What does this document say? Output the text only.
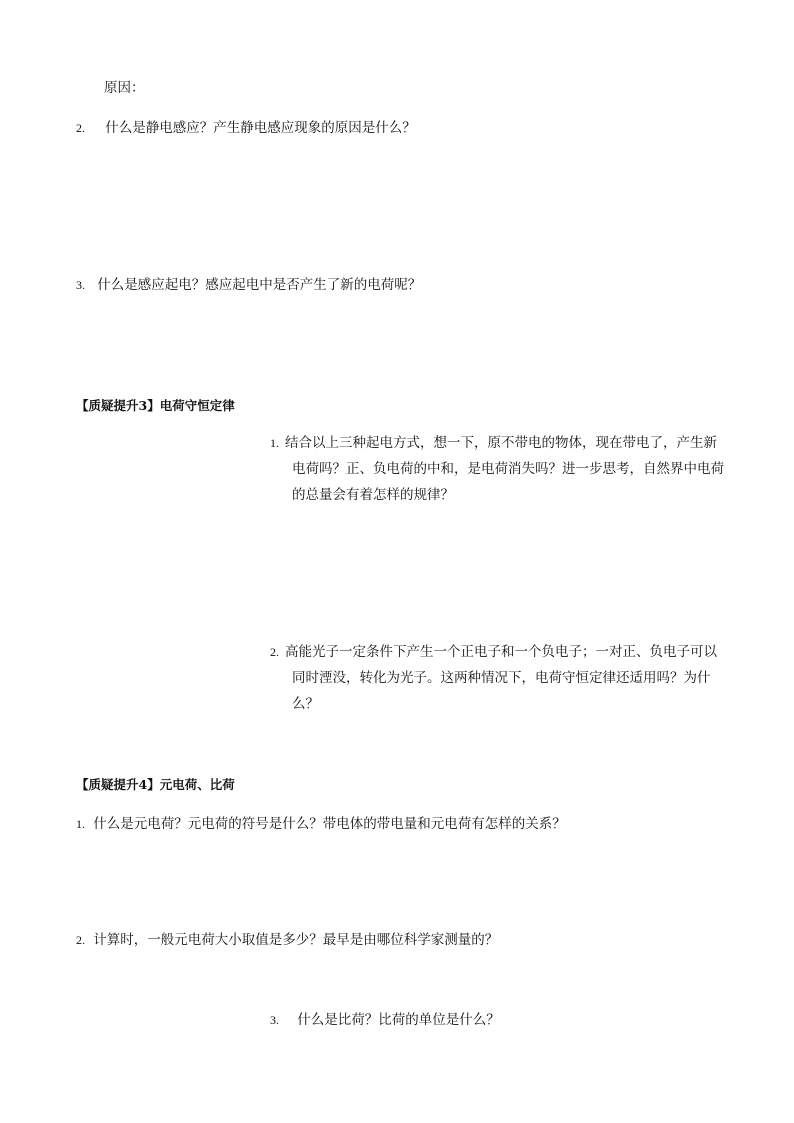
原因：
2. 什么是静电感应？产生静电感应现象的原因是什么？
3. 什么是感应起电？感应起电中是否产生了新的电荷呢？
【质疑提升3】电荷守恒定律
1. 结合以上三种起电方式，想一下，原不带电的物体，现在带电了，产生新电荷吗？正、负电荷的中和，是电荷消失吗？进一步思考，自然界中电荷的总量会有着怎样的规律？
2. 高能光子一定条件下产生一个正电子和一个负电子；一对正、负电子可以同时湮没，转化为光子。这两种情况下，电荷守恒定律还适用吗？为什么？
【质疑提升4】元电荷、比荷
1. 什么是元电荷？元电荷的符号是什么？带电体的带电量和元电荷有怎样的关系？
2. 计算时，一般元电荷大小取值是多少？最早是由哪位科学家测量的？
3. 什么是比荷？比荷的单位是什么？
